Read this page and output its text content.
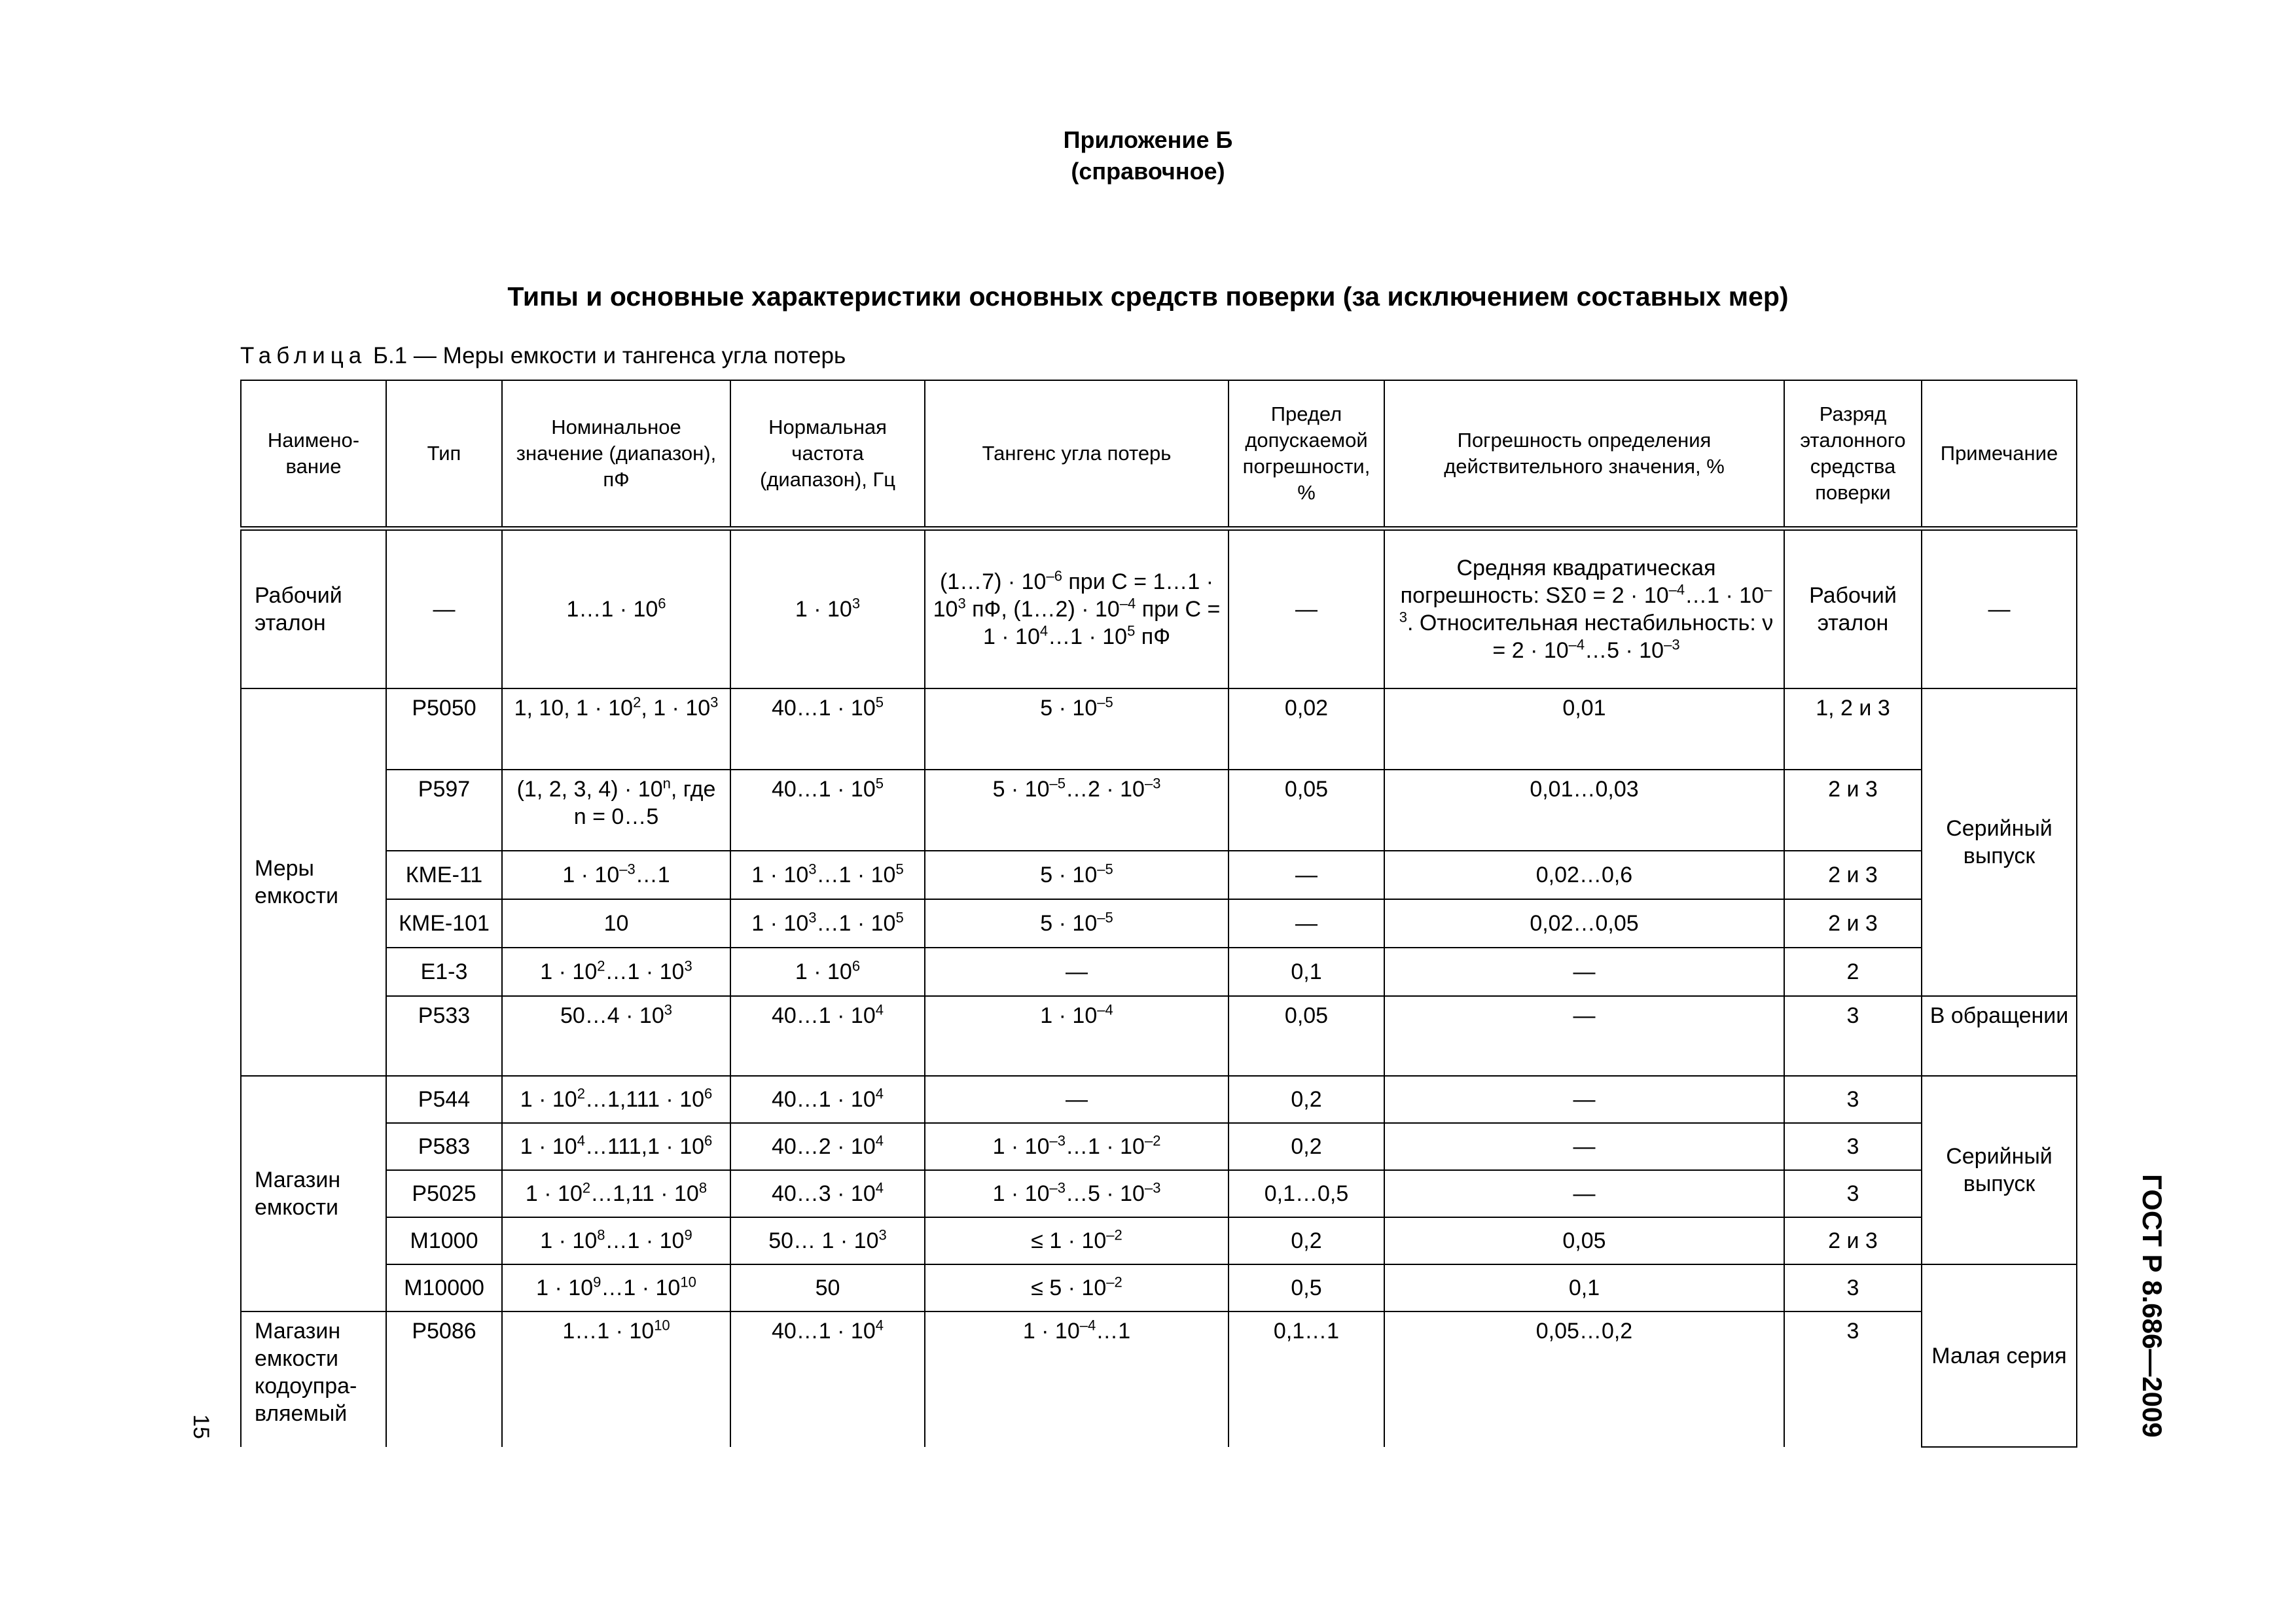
Приложение Б
(справочное)
Типы и основные характеристики основных средств поверки (за исключением составных мер)
Таблица Б.1 — Меры емкости и тангенса угла потерь
Наимено-вание	Тип	Номинальное значение (диапазон), пФ	Нормальная частота (диапазон), Гц	Тангенс угла потерь	Предел допускаемой погрешности, %	Погрешность определения действительного значения, %	Разряд эталонного средства поверки	Примечание
Рабочий эталон	—	1…1 · $10^6$	$1 \cdot 10^3$	(1…7) · $10^{-6}$ при C = 1…1 · $10^3$ пФ, (1…2) · $10^{-4}$ при $C = 1 \cdot 10^4\dots 1 \cdot 10^5$ пФ	—	Средняя квадратическая погрешность: $S\Sigma 0 = 2 \cdot 10^{-4}\dots 1 \cdot 10^{-3}$. Относительная нестабильность: $\nu = 2 \cdot 10^{-4}\dots 5 \cdot 10^{-3}$	Рабочий эталон	—
Меры емкости	Р5050	1, 10, $1 \cdot 10^2$, $1 \cdot 10^3$	40…1 · $10^5$	$5 \cdot 10^{-5}$	0,02	0,01	1, 2 и 3	Серийный выпуск
	Р597	(1, 2, 3, $4) \cdot 10^n$, где n = 0…5	40…1 · $10^5$	$5 \cdot 10^{-5}\dots 2 \cdot 10^{-3}$	0,05	0,01…0,03	2 и 3	
	КМЕ-11	$1 \cdot 10^{-3}\dots 1$	$1 \cdot 10^3\dots 1 \cdot 10^5$	$5 \cdot 10^{-5}$	—	0,02…0,6	2 и 3	
	КМЕ-101	10	$1 \cdot 10^3\dots 1 \cdot 10^5$	$5 \cdot 10^{-5}$	—	0,02…0,05	2 и 3	
	Е1-3	$1 \cdot 10^2\dots 1 \cdot 10^3$	$1 \cdot 10^6$	—	0,1	—	2	
	Р533	50…4 · $10^3$	40…1 · $10^4$	$1 \cdot 10^{-4}$	0,05	—	3	В обращении
Магазин емкости	Р544	$1 \cdot 10^2\dots 1,111 \cdot 10^6$	40…1 · $10^4$	—	0,2	—	3	Серийный выпуск
	Р583	$1 \cdot 10^4\dots 111,1 \cdot 10^6$	40…2 · $10^4$	$1 \cdot 10^{-3}\dots 1 \cdot 10^{-2}$	0,2	—	3	
	Р5025	$1 \cdot 10^2\dots 1,11 \cdot 10^8$	40…3 · $10^4$	$1 \cdot 10^{-3}\dots 5 \cdot 10^{-3}$	0,1…0,5	—	3	
	М1000	$1 \cdot 10^8\dots 1 \cdot 10^9$	50… $1 \cdot 10^3$	≤ $1 \cdot 10^{-2}$	0,2	0,05	2 и 3	
	М10000	$1 \cdot 10^9\dots 1 \cdot 10^{10}$	50	≤ $5 \cdot 10^{-2}$	0,5	0,1	3	Малая серия
Магазин емкости кодоупра-вляемый	Р5086	1…1 · $10^{10}$	40…1 · $10^4$	$1 \cdot 10^{-4}\dots 1$	0,1…1	0,05…0,2	3		ГОСТ Р 8.686—2009
15
